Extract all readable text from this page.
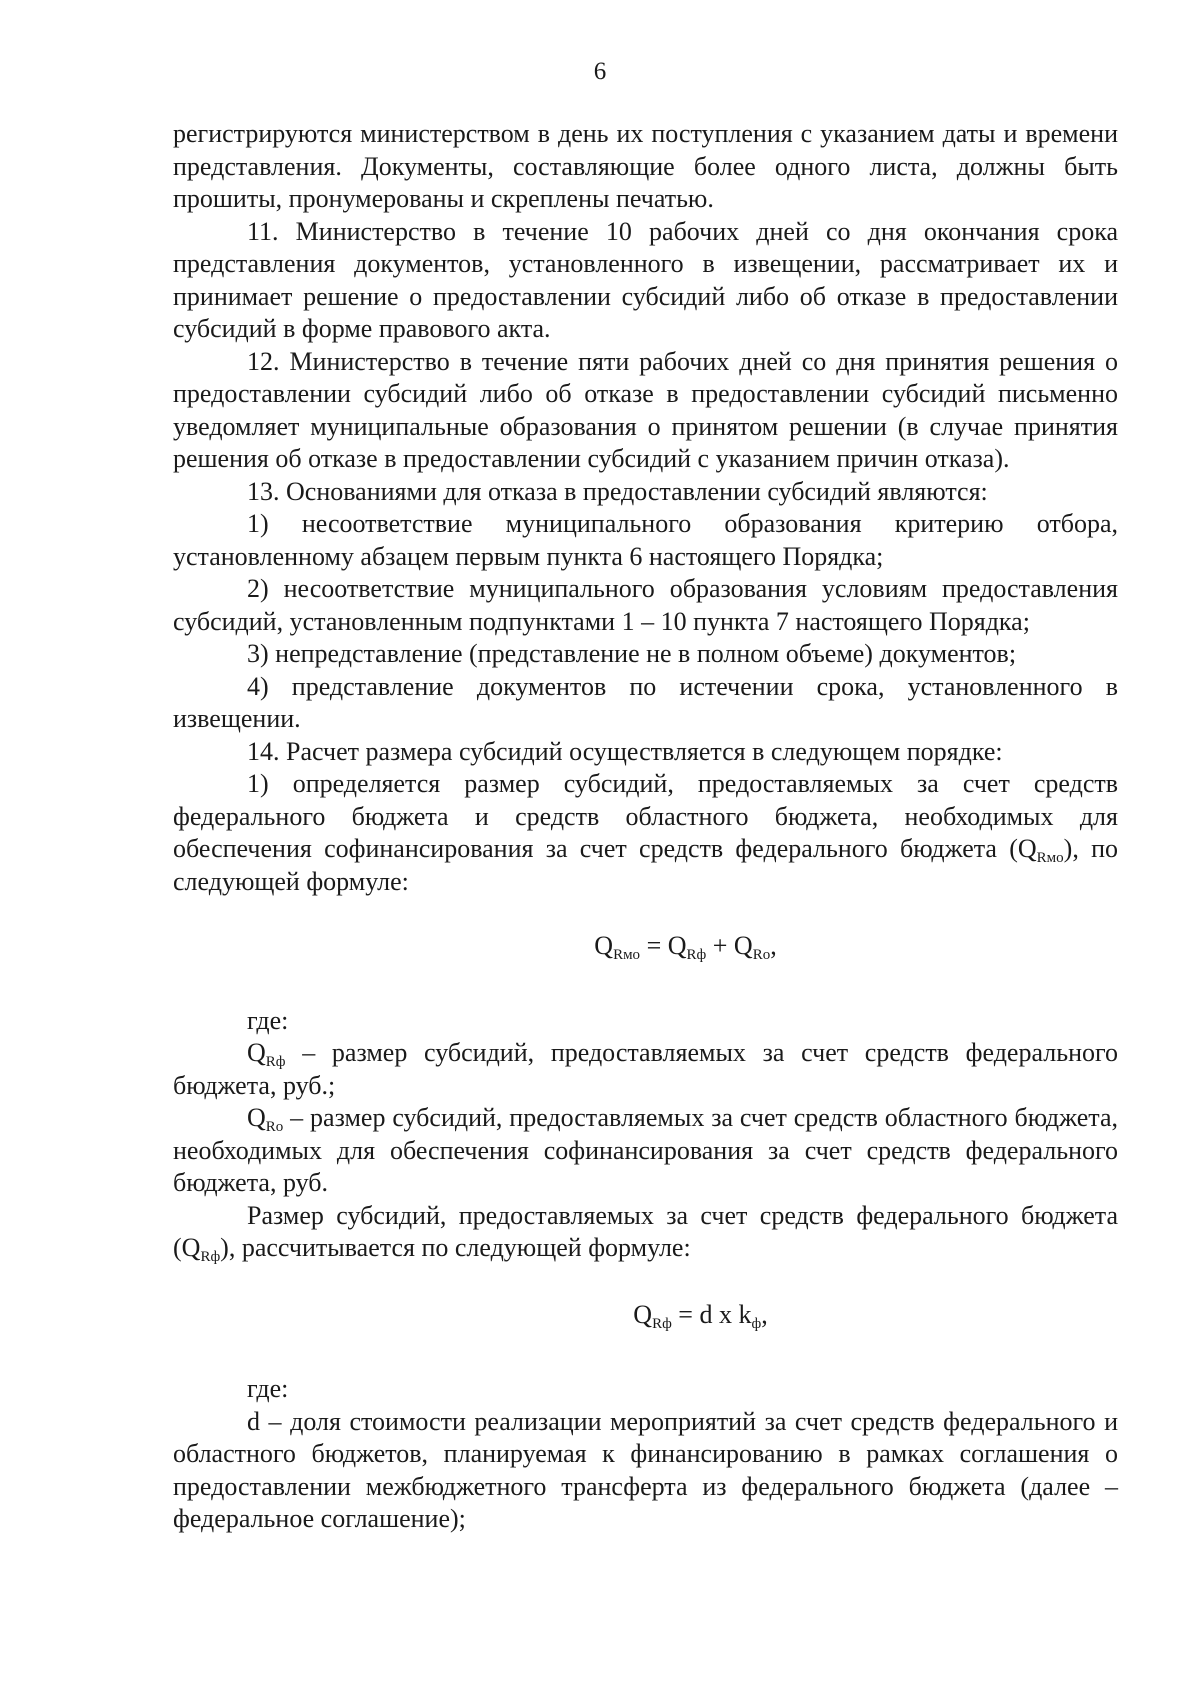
6

регистрируются министерством в день их поступления с указанием даты и времени представления. Документы, составляющие более одного листа, должны быть прошиты, пронумерованы и скреплены печатью.

11. Министерство в течение 10 рабочих дней со дня окончания срока представления документов, установленного в извещении, рассматривает их и принимает решение о предоставлении субсидий либо об отказе в предоставлении субсидий в форме правового акта.

12. Министерство в течение пяти рабочих дней со дня принятия решения о предоставлении субсидий либо об отказе в предоставлении субсидий письменно уведомляет муниципальные образования о принятом решении (в случае принятия решения об отказе в предоставлении субсидий с указанием причин отказа).

13. Основаниями для отказа в предоставлении субсидий являются:

1) несоответствие муниципального образования критерию отбора, установленному абзацем первым пункта 6 настоящего Порядка;

2) несоответствие муниципального образования условиям предоставления субсидий, установленным подпунктами 1 – 10 пункта 7 настоящего Порядка;

3) непредставление (представление не в полном объеме) документов;

4) представление документов по истечении срока, установленного в извещении.

14. Расчет размера субсидий осуществляется в следующем порядке:

1) определяется размер субсидий, предоставляемых за счет средств федерального бюджета и средств областного бюджета, необходимых для обеспечения софинансирования за счет средств федерального бюджета $(Q_{Rмо})$, по следующей формуле:

$Q_{Rмо} = Q_{Rф} + Q_{Ro}$,

где:

$Q_{Rф}$ – размер субсидий, предоставляемых за счет средств федерального бюджета, руб.;

$Q_{Ro}$ – размер субсидий, предоставляемых за счет средств областного бюджета, необходимых для обеспечения софинансирования за счет средств федерального бюджета, руб.

Размер субсидий, предоставляемых за счет средств федерального бюджета $(Q_{Rф})$, рассчитывается по следующей формуле:

$Q_{Rф} = d$ x $k_ф$,

где:

d – доля стоимости реализации мероприятий за счет средств федерального и областного бюджетов, планируемая к финансированию в рамках соглашения о предоставлении межбюджетного трансферта из федерального бюджета (далее – федеральное соглашение);
